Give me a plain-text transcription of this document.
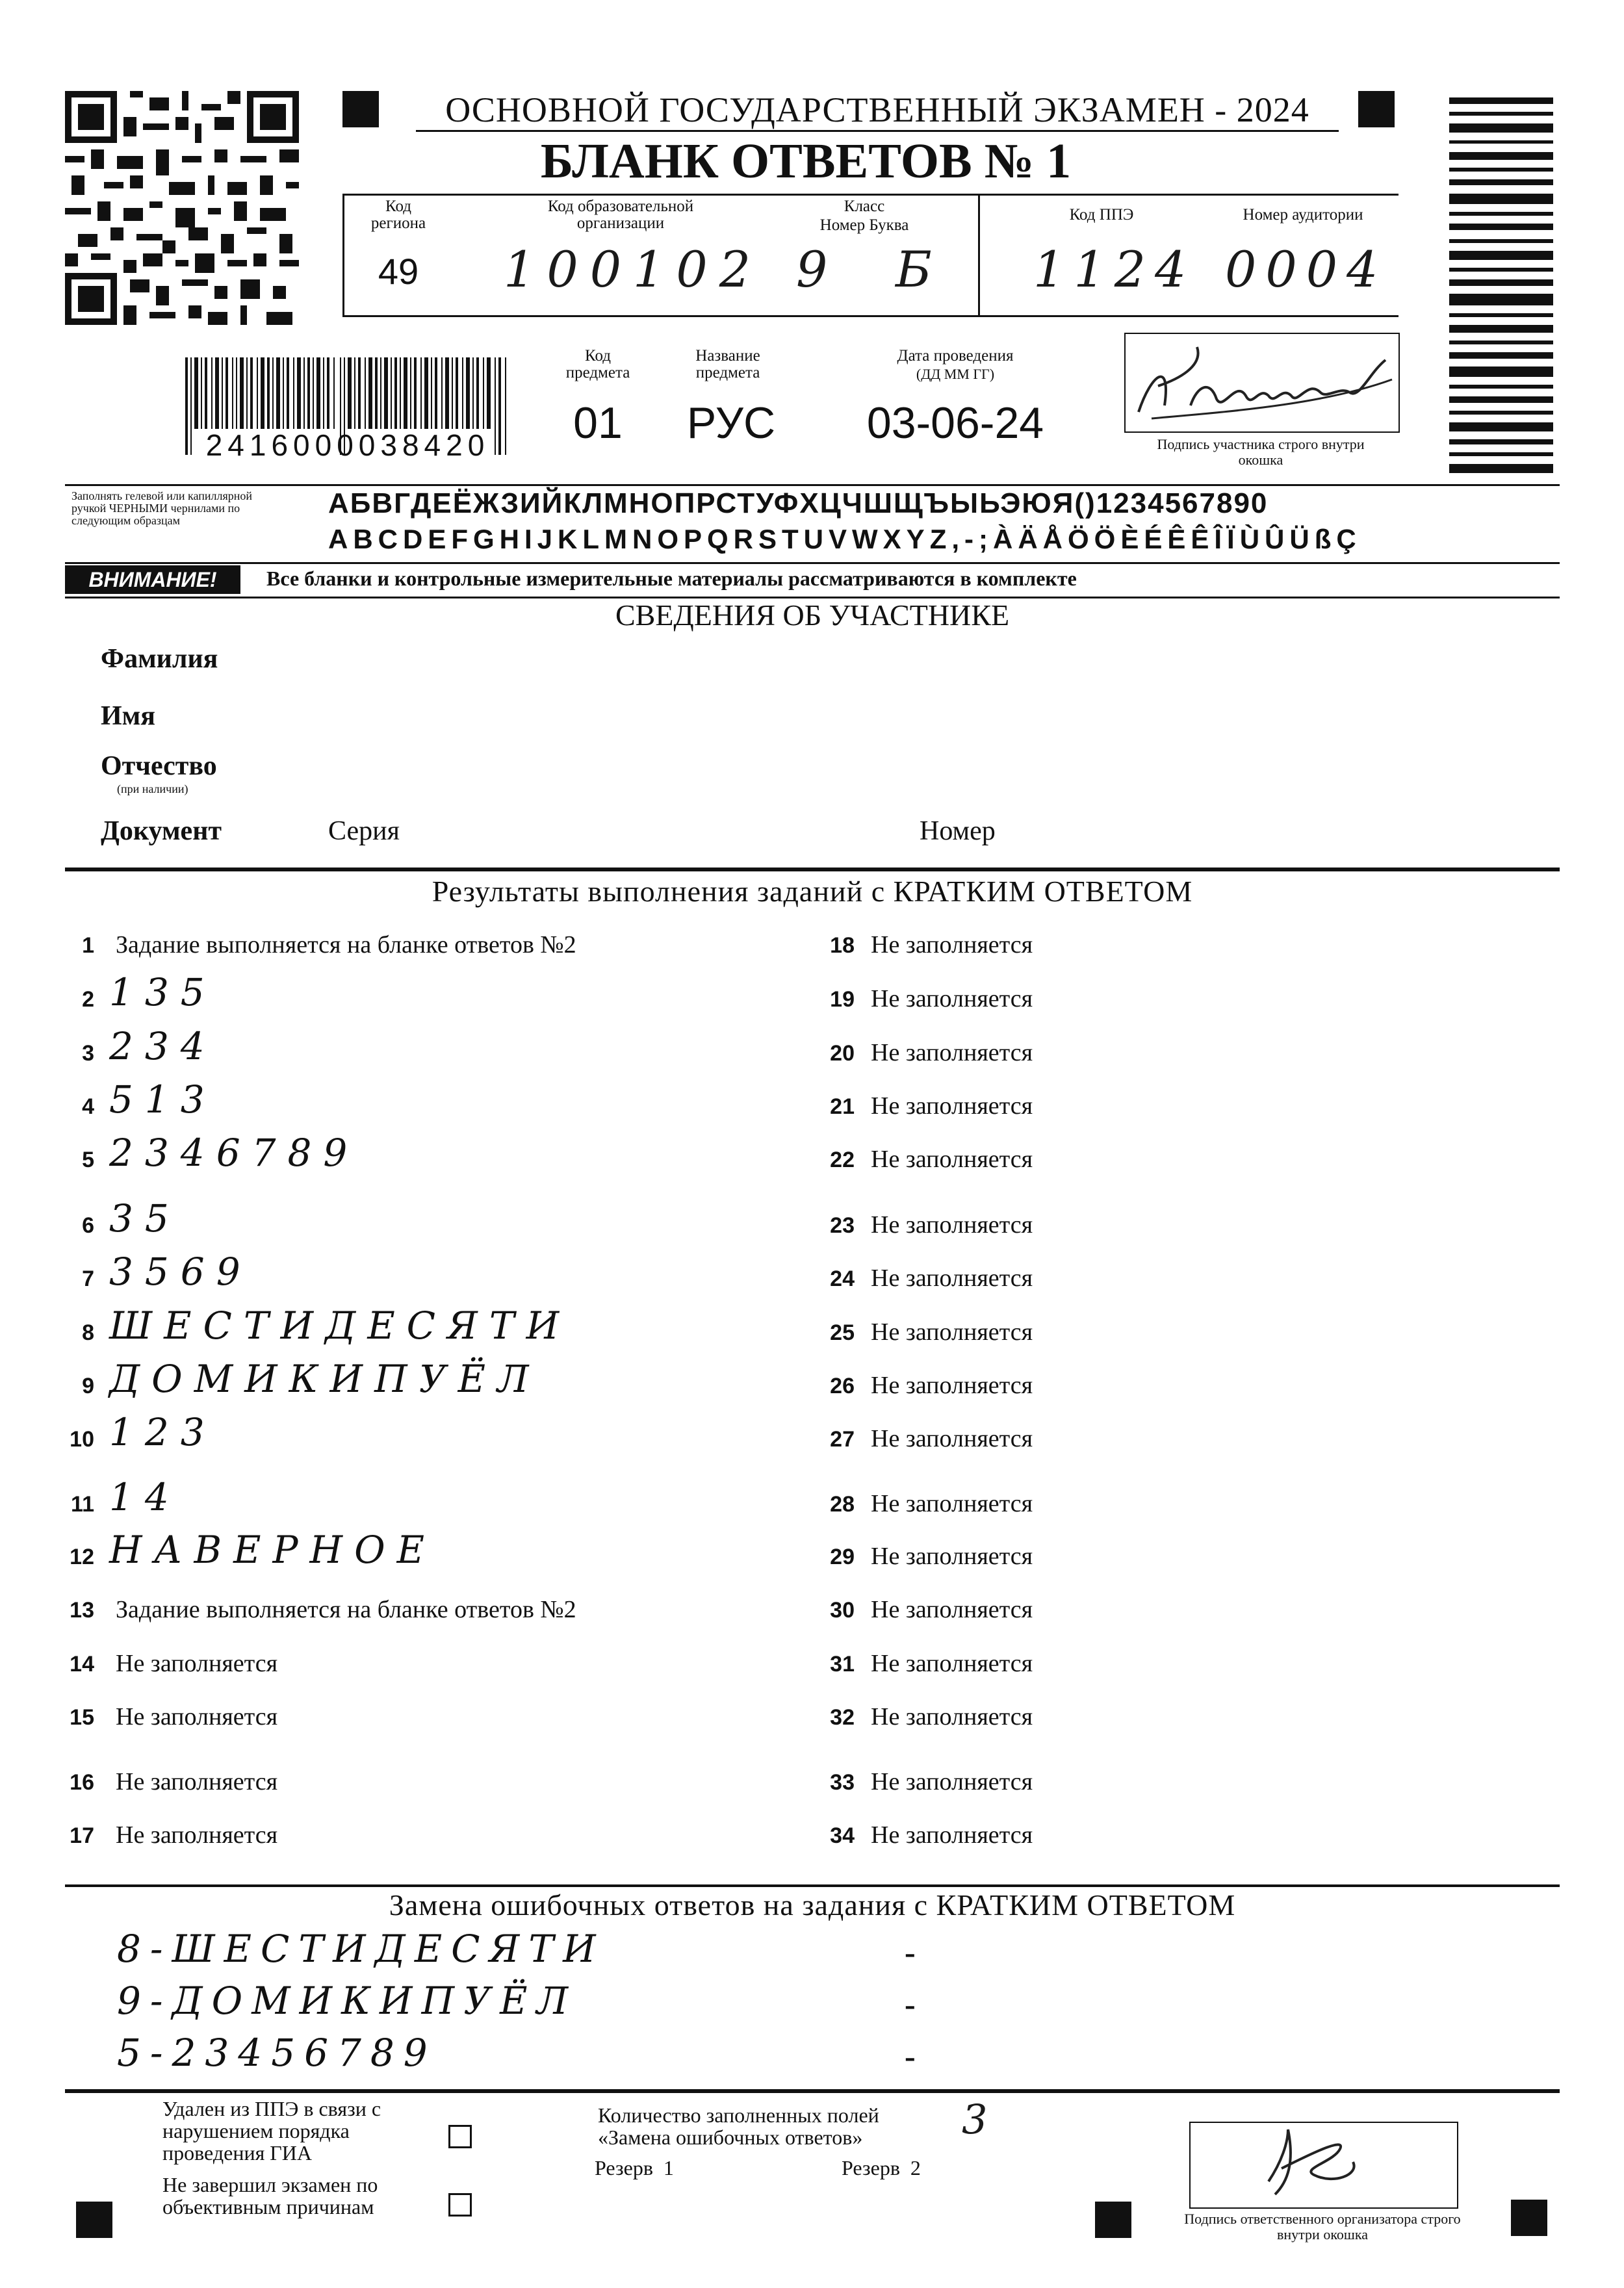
ОСНОВНОЙ ГОСУДАРСТВЕННЫЙ ЭКЗАМЕН - 2024
БЛАНК ОТВЕТОВ № 1
Код региона
49
Код образовательной организации
100102
Класс
Номер Буква
9 Б
Код ППЭ
1124
Номер аудитории
0004
2416000038420
Код предмета
01
Название предмета
РУС
Дата проведения
(ДД ММ ГГ)
03-06-24	Подпись участника строго внутри окошка
Заполнять гелевой или капиллярной ручкой ЧЕРНЫМИ чернилами по следующим образцам
АБВГДЕЁЖЗИЙКЛМНОПРСТУФХЦЧШЩЪЫЬЭЮЯ()1234567890
ABCDEFGHIJKLMNOPQRSTUVWXYZ,-;ÀÄÅÖÖÈÉÊÊÎÏÙÛÜßÇ
ВНИМАНИЕ!	Все бланки и контрольные измерительные материалы рассматриваются в комплекте
СВЕДЕНИЯ ОБ УЧАСТНИКЕ
Фамилия
Имя
Отчество
(при наличии)
Документ	Серия	Номер
Результаты выполнения заданий с КРАТКИМ ОТВЕТОМ
1 Задание выполняется на бланке ответов №2
2 135
3 234
4 513
5 2346789
6 35
7 3569
8 ШЕСТИДЕСЯТИ
9 ДОМИКИПУЁЛ
10 123
11 14
12 НАВЕРНОЕ
13 Задание выполняется на бланке ответов №2
14 Не заполняется
15 Не заполняется
16 Не заполняется
17 Не заполняется
18 Не заполняется
19 Не заполняется
20 Не заполняется
21 Не заполняется
22 Не заполняется
23 Не заполняется
24 Не заполняется
25 Не заполняется
26 Не заполняется
27 Не заполняется
28 Не заполняется
29 Не заполняется
30 Не заполняется
31 Не заполняется
32 Не заполняется
33 Не заполняется
34 Не заполняется
Замена ошибочных ответов на задания с КРАТКИМ ОТВЕТОМ
8-ШЕСТИДЕСЯТИ	-
9-ДОМИКИПУЁЛ	-
5-23456789	-
Удален из ППЭ в связи с нарушением порядка проведения ГИА
Не завершил экзамен по объективным причинам
Количество заполненных полей «Замена ошибочных ответов»	3
Резерв  1	Резерв  2
Подпись ответственного организатора строго внутри окошка
